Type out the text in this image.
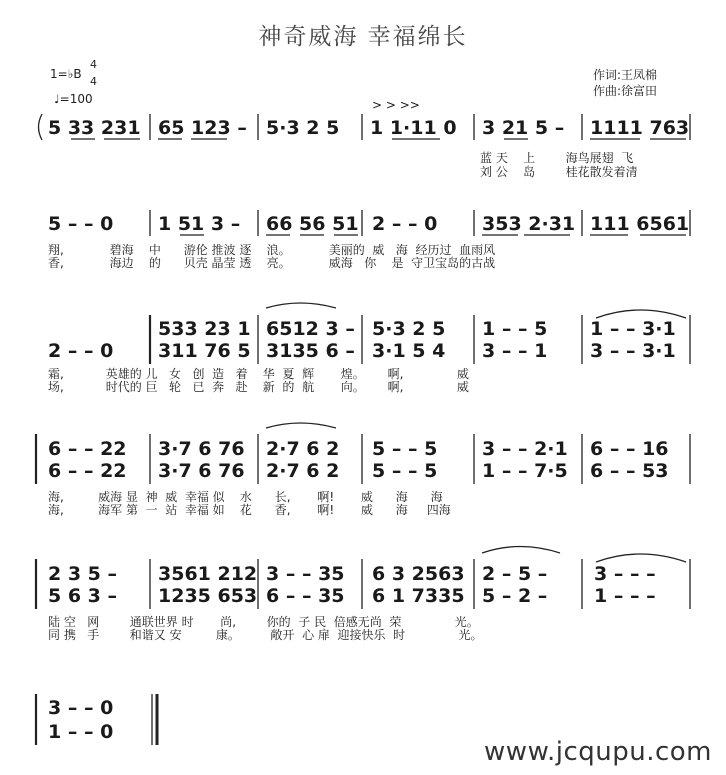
神奇威海 幸福绵长
1=♭B
4
4
♩=100
作词:王凤棉
作曲:徐富田
> > >>
5 33 231 65 123 – 5·3 2 5 1 1·11 0 3 21 5 – 1111 763
蓝 天    上        海鸟展翅  飞
刘 公    岛        桂花散发着清
5 – – 0 1 51 3 – 66 56 51 2 – – 0 353 2·31 111 6561
翔,            碧海    中      游伦 推波 逐    浪。          美丽的  威   海  经历过  血雨风
香,            海边    的      贝壳 晶莹 透    亮。          威海   你    是  守卫宝岛的古战
2 – – 0
533 23 1 6512 3 – 5·3 2 5 1 – – 5 1 – – 3·1
311 76 5 3135 6 – 3·1 5 4 3 – – 1 3 – – 3·1
霜,           英雄的 儿   女   创  造   着    华  夏  辉       煌。      啊,              威
场,           时代的 巨   轮   已  奔   赴    新  的  航       向。      啊,              威
6 – – 22 3·7 6 76 2·7 6 2 5 – – 5 3 – – 2·1 6 – – 16
6 – – 22 3·7 6 76 2·7 6 2 5 – – 5 1 – – 7·5 6 – – 53
海,         威海 显  神  威  幸福 似    水      长,       啊!       威      海      海
海,         海军 第  一  站  幸福 如    花      香,       啊!       威      海     四海
2 3 5 – 3561 212 3 – – 35 6 3 2563 2 – 5 – 3 – – –
5 6 3 – 1235 653 6 – – 35 6 1 7335 5 – 2 – 1 – – –
陆 空   网        通联世界 时       尚,        你的  子 民  倍感无尚  荣              光。
同 携   手        和谐又 安         康。        敞开  心 扉  迎接快乐  时              光。
3 – – 0
1 – – 0
www.jcqupu.com
